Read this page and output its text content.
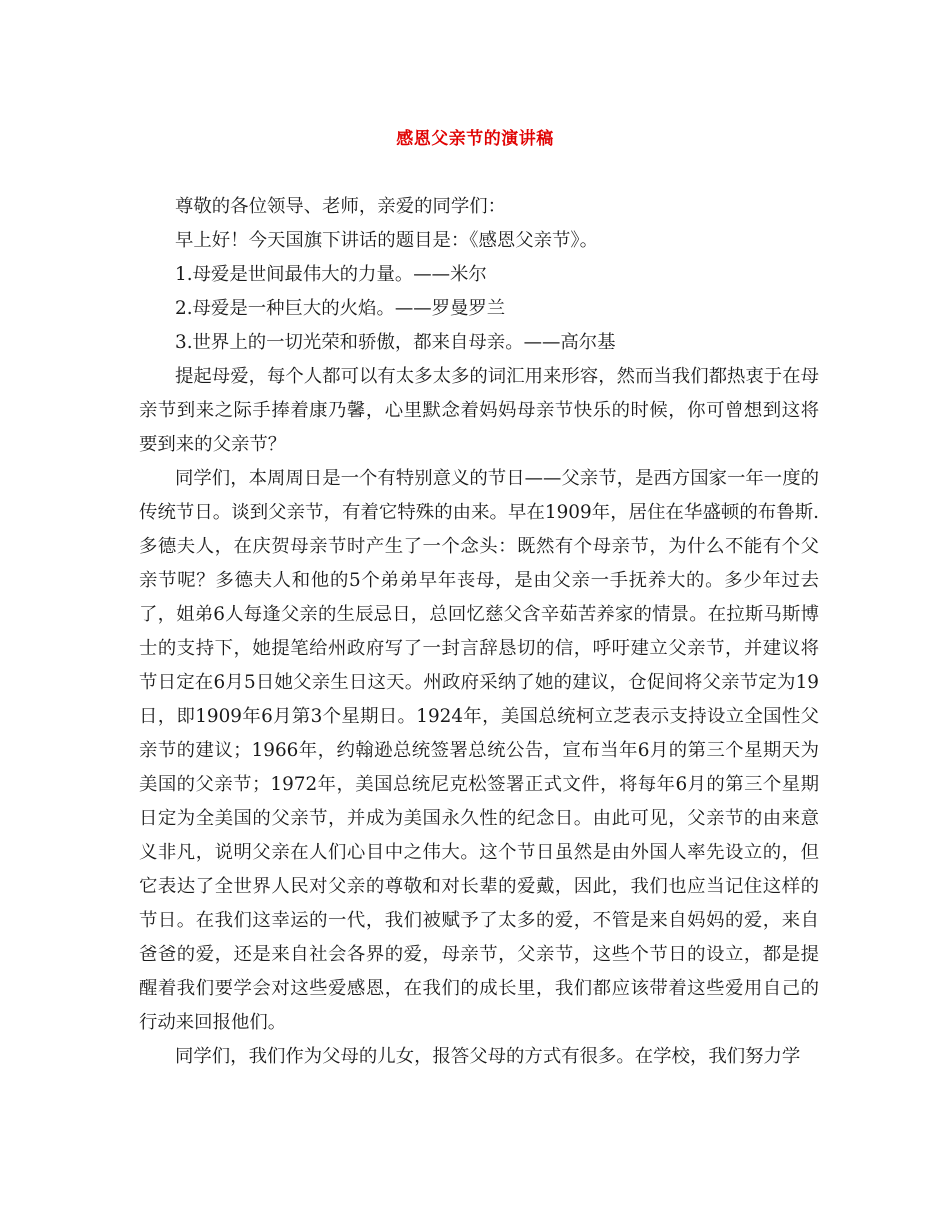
感恩父亲节的演讲稿

尊敬的各位领导、老师，亲爱的同学们：

早上好！今天国旗下讲话的题目是：《感恩父亲节》。

1.母爱是世间最伟大的力量。——米尔

2.母爱是一种巨大的火焰。——罗曼罗兰

3.世界上的一切光荣和骄傲，都来自母亲。——高尔基

提起母爱，每个人都可以有太多太多的词汇用来形容，然而当我们都热衷于在母亲节到来之际手捧着康乃馨，心里默念着妈妈母亲节快乐的时候，你可曾想到这将要到来的父亲节？

同学们，本周周日是一个有特别意义的节日——父亲节，是西方国家一年一度的传统节日。谈到父亲节，有着它特殊的由来。早在1909年，居住在华盛顿的布鲁斯.多德夫人，在庆贺母亲节时产生了一个念头：既然有个母亲节，为什么不能有个父亲节呢？多德夫人和他的5个弟弟早年丧母，是由父亲一手抚养大的。多少年过去了，姐弟6人每逢父亲的生辰忌日，总回忆慈父含辛茹苦养家的情景。在拉斯马斯博士的支持下，她提笔给州政府写了一封言辞恳切的信，呼吁建立父亲节，并建议将节日定在6月5日她父亲生日这天。州政府采纳了她的建议，仓促间将父亲节定为19日，即1909年6月第3个星期日。1924年，美国总统柯立芝表示支持设立全国性父亲节的建议；1966年，约翰逊总统签署总统公告，宣布当年6月的第三个星期天为美国的父亲节；1972年，美国总统尼克松签署正式文件，将每年6月的第三个星期日定为全美国的父亲节，并成为美国永久性的纪念日。由此可见，父亲节的由来意义非凡，说明父亲在人们心目中之伟大。这个节日虽然是由外国人率先设立的，但它表达了全世界人民对父亲的尊敬和对长辈的爱戴，因此，我们也应当记住这样的节日。在我们这幸运的一代，我们被赋予了太多的爱，不管是来自妈妈的爱，来自爸爸的爱，还是来自社会各界的爱，母亲节，父亲节，这些个节日的设立，都是提醒着我们要学会对这些爱感恩，在我们的成长里，我们都应该带着这些爱用自己的行动来回报他们。

同学们，我们作为父母的儿女，报答父母的方式有很多。在学校，我们努力学
